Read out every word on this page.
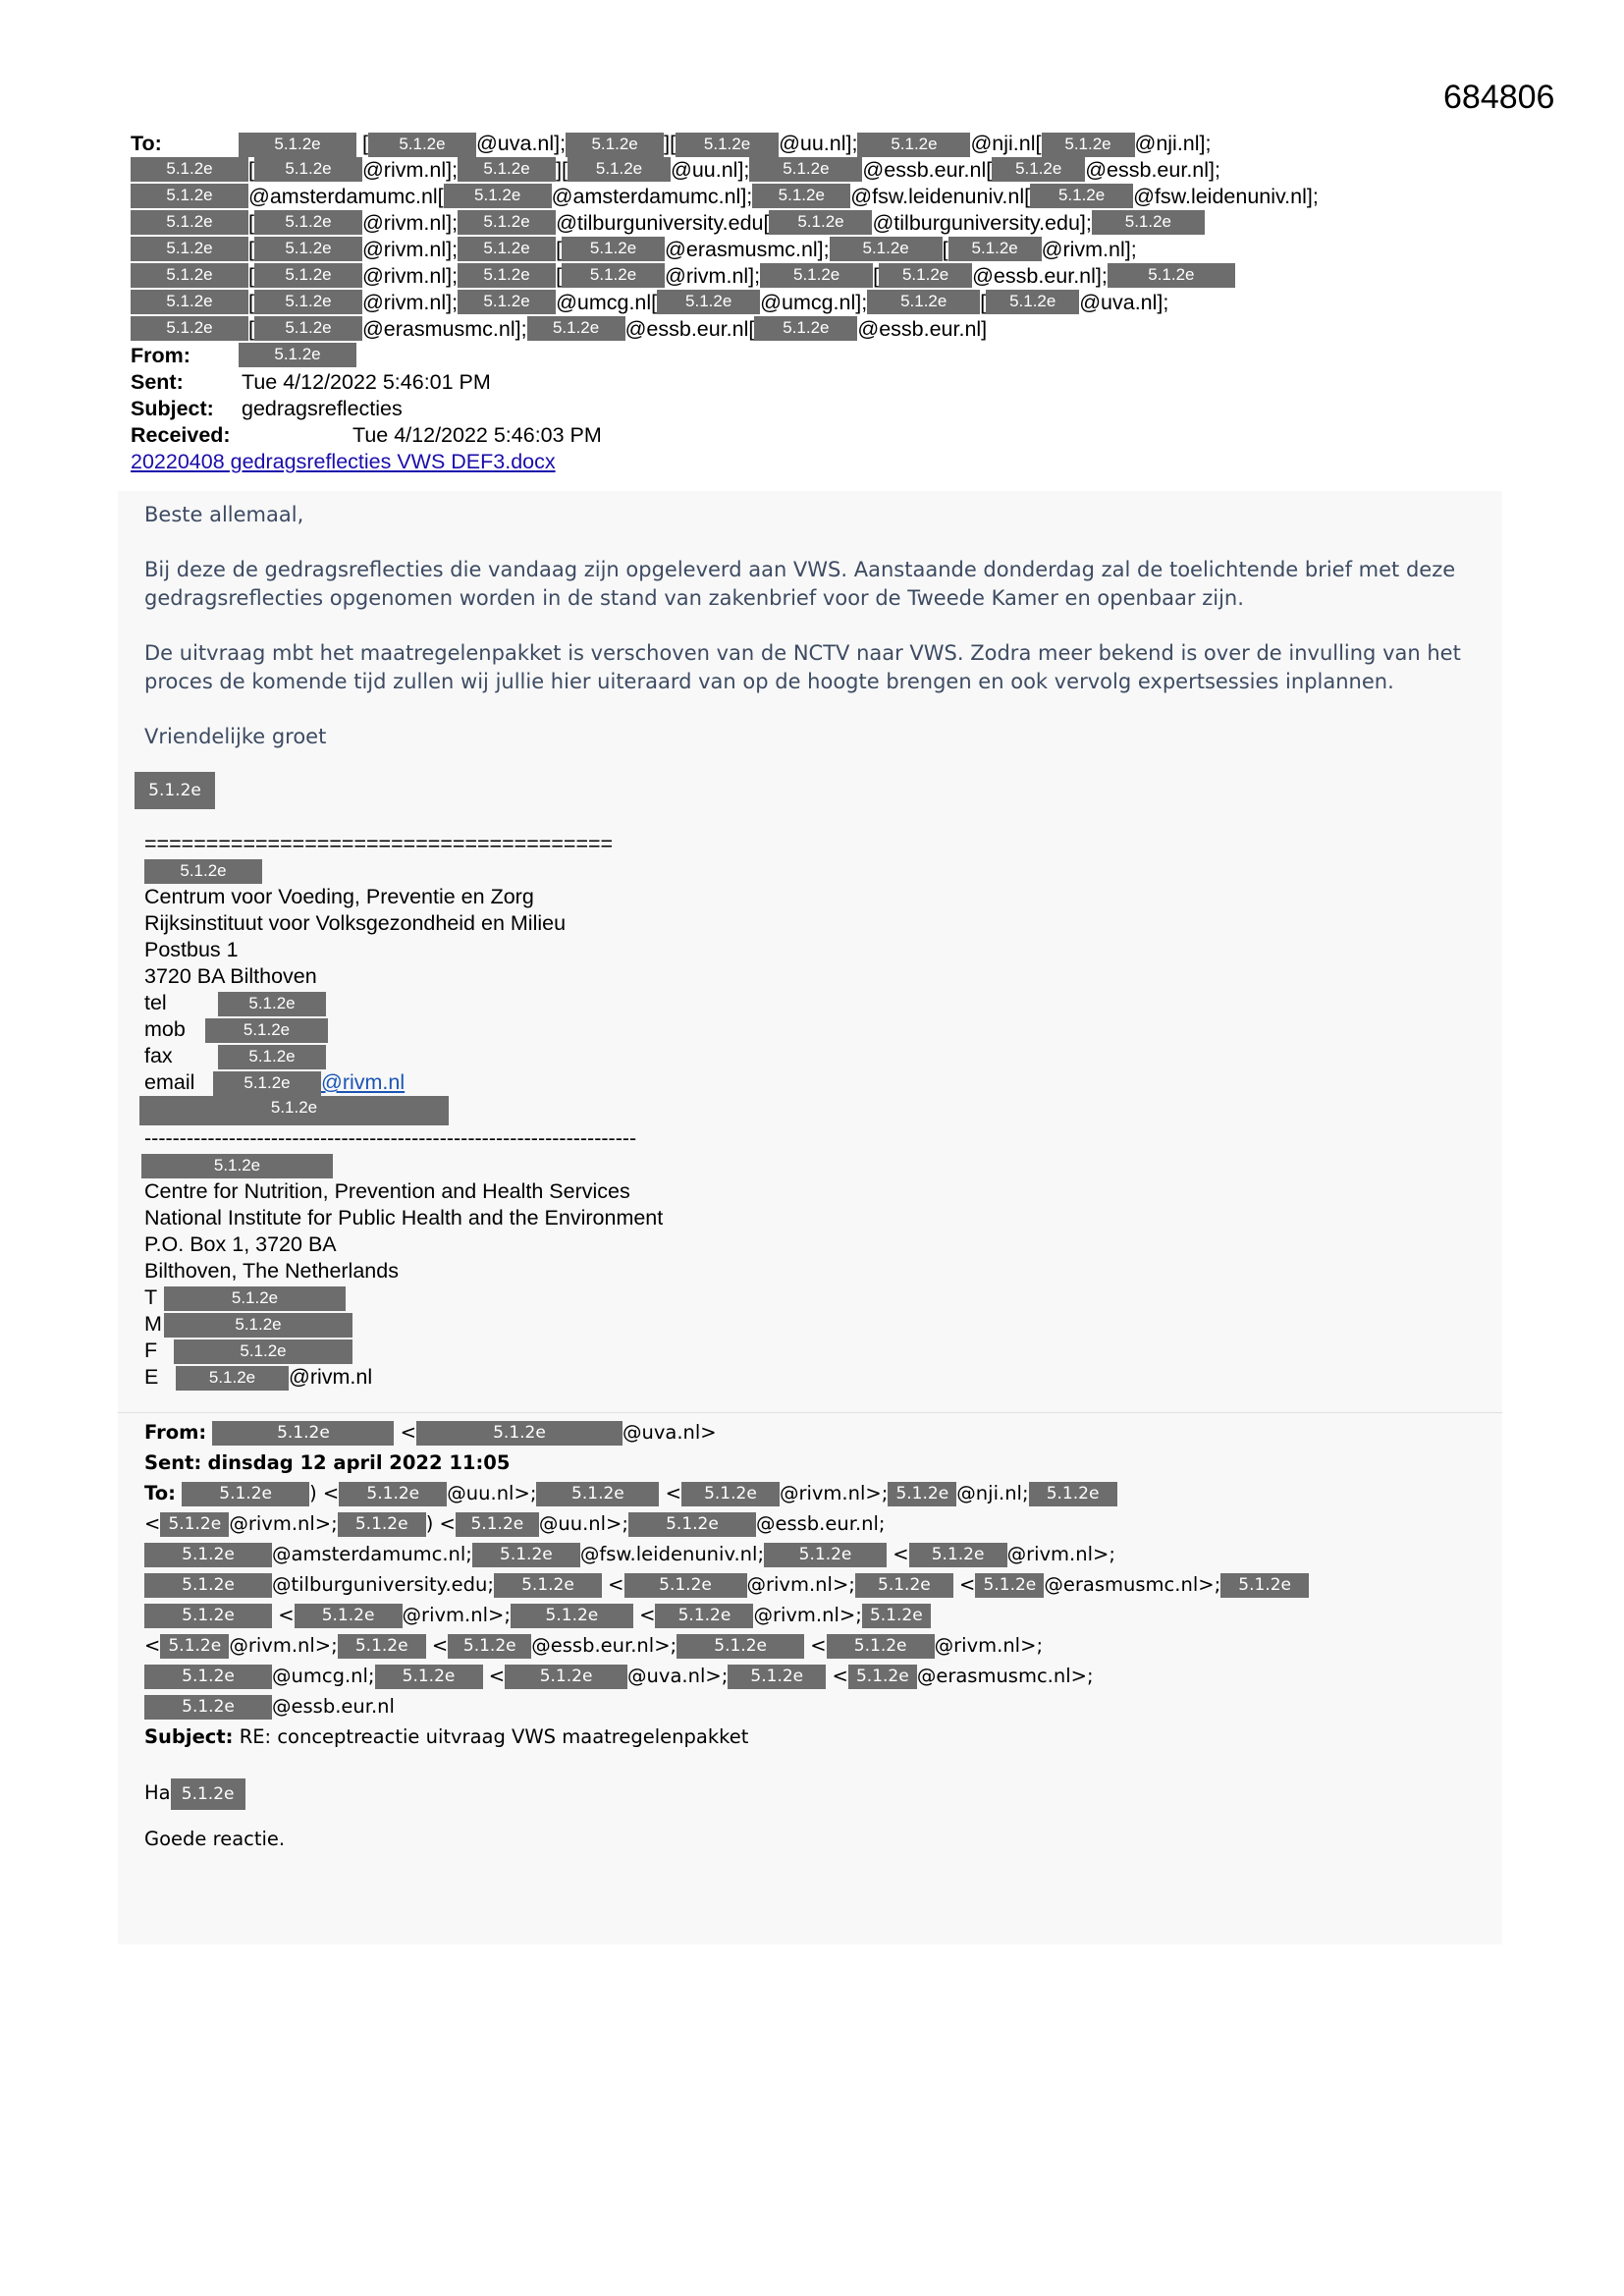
684806
To:	5.1.2e [ 5.1.2e @uva.nl]; 5.1.2e ][ 5.1.2e @uu.nl]; 5.1.2e @nji.nl[ 5.1.2e @nji.nl];
5.1.2e	[	5.1.2e	@rivm.nl];	5.1.2e	][	5.1.2e	@uu.nl];	5.1.2e	@essb.eur.nl[	5.1.2e	@essb.eur.nl];
5.1.2e	@amsterdamumc.nl[	5.1.2e	@amsterdamumc.nl];	5.1.2e	@fsw.leidenuniv.nl[	5.1.2e	@fsw.leidenuniv.nl];
5.1.2e	[	5.1.2e	@rivm.nl];	5.1.2e	@tilburguniversity.edu[	5.1.2e	@tilburguniversity.edu];	5.1.2e
5.1.2e	[	5.1.2e	@rivm.nl];	5.1.2e	[	5.1.2e	@erasmusmc.nl];	5.1.2e	[	5.1.2e	@rivm.nl];
5.1.2e	[	5.1.2e	@rivm.nl];	5.1.2e	[	5.1.2e	@rivm.nl];	5.1.2e	[	5.1.2e	@essb.eur.nl];	5.1.2e
5.1.2e	[	5.1.2e	@rivm.nl];	5.1.2e	@umcg.nl[	5.1.2e	@umcg.nl];	5.1.2e	[	5.1.2e	@uva.nl];
5.1.2e	[	5.1.2e	@erasmusmc.nl];	5.1.2e	@essb.eur.nl[	5.1.2e	@essb.eur.nl]
From:	5.1.2e
Sent:	Tue 4/12/2022 5:46:01 PM
Subject:	gedragsreflecties
Received:	Tue 4/12/2022 5:46:03 PM
20220408 gedragsreflecties VWS DEF3.docx

Beste allemaal,

Bij deze de gedragsreflecties die vandaag zijn opgeleverd aan VWS. Aanstaande donderdag zal de toelichtende brief met deze gedragsreflecties opgenomen worden in de stand van zakenbrief voor de Tweede Kamer en openbaar zijn.

De uitvraag mbt het maatregelenpakket is verschoven van de NCTV naar VWS. Zodra meer bekend is over de invulling van het proces de komende tijd zullen wij jullie hier uiteraard van op de hoogte brengen en ook vervolg expertsessies inplannen.

Vriendelijke groet

5.1.2e
======================================
5.1.2e
Centrum voor Voeding, Preventie en Zorg
Rijksinstituut voor Volksgezondheid en Milieu
Postbus 1
3720 BA Bilthoven
tel	5.1.2e
mob	5.1.2e
fax	5.1.2e
email	5.1.2e @rivm.nl
5.1.2e
----------------------------------------------------------------------
5.1.2e
Centre for Nutrition, Prevention and Health Services
National Institute for Public Health and the Environment
P.O. Box 1, 3720 BA
Bilthoven, The Netherlands
T	5.1.2e
M	5.1.2e
F	5.1.2e
E	5.1.2e @rivm.nl
From:	5.1.2e	<	5.1.2e	@uva.nl>
Sent: dinsdag 12 april 2022 11:05
To:	5.1.2e ) < 5.1.2e @uu.nl>; 5.1.2e < 5.1.2e @rivm.nl>; 5.1.2e @nji.nl; 5.1.2e
< 5.1.2e @rivm.nl>; 5.1.2e ) < 5.1.2e @uu.nl>; 5.1.2e @essb.eur.nl;
5.1.2e @amsterdamumc.nl; 5.1.2e @fsw.leidenuniv.nl; 5.1.2e < 5.1.2e @rivm.nl>;
5.1.2e @tilburguniversity.edu; 5.1.2e < 5.1.2e @rivm.nl>; 5.1.2e < 5.1.2e @erasmusmc.nl>; 5.1.2e
5.1.2e < 5.1.2e @rivm.nl>; 5.1.2e < 5.1.2e @rivm.nl>; 5.1.2e
< 5.1.2e @rivm.nl>; 5.1.2e < 5.1.2e @essb.eur.nl>; 5.1.2e < 5.1.2e @rivm.nl>;
5.1.2e @umcg.nl; 5.1.2e < 5.1.2e @uva.nl>; 5.1.2e < 5.1.2e @erasmusmc.nl>;
5.1.2e @essb.eur.nl
Subject: RE: conceptreactie uitvraag VWS maatregelenpakket
Ha 5.1.2e
Goede reactie.
